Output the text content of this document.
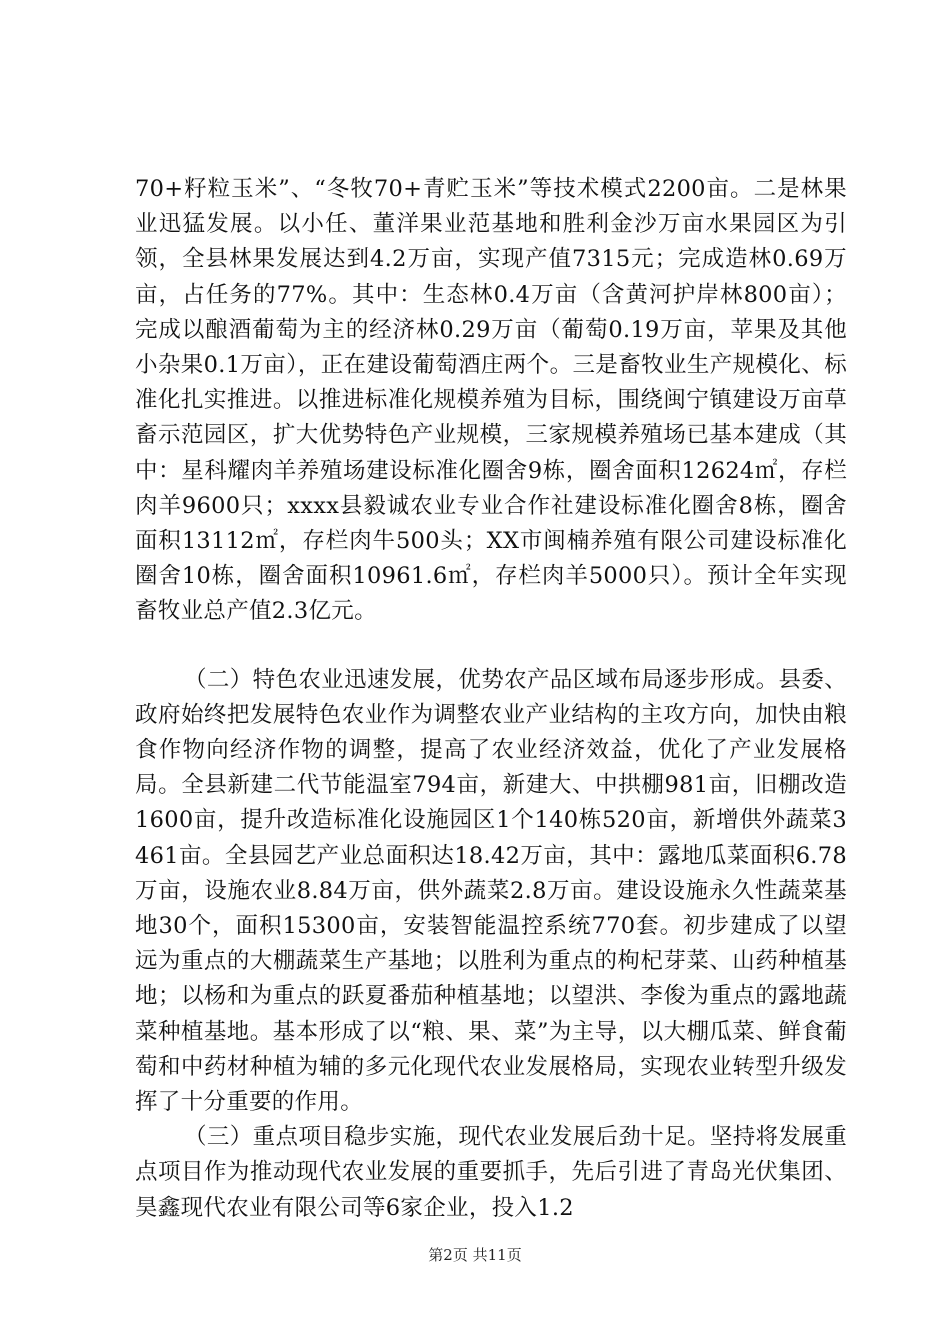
70+籽粒玉米”、“冬牧70+青贮玉米”等技术模式2200亩。二是林果业迅猛发展。以小任、董洋果业范基地和胜利金沙万亩水果园区为引领，全县林果发展达到4.2万亩，实现产值7315元；完成造林0.69万亩，占任务的77%。其中：生态林0.4万亩（含黄河护岸林800亩）；完成以酿酒葡萄为主的经济林0.29万亩（葡萄0.19万亩，苹果及其他小杂果0.1万亩），正在建设葡萄酒庄两个。三是畜牧业生产规模化、标准化扎实推进。以推进标准化规模养殖为目标，围绕闽宁镇建设万亩草畜示范园区，扩大优势特色产业规模，三家规模养殖场已基本建成（其中：星科耀肉羊养殖场建设标准化圈舍9栋，圈舍面积12624㎡，存栏肉羊9600只；xxxx县毅诚农业专业合作社建设标准化圈舍8栋，圈舍面积13112㎡，存栏肉牛500头；XX市闽楠养殖有限公司建设标准化圈舍10栋，圈舍面积10961.6㎡，存栏肉羊5000只）。预计全年实现畜牧业总产值2.3亿元。

（二）特色农业迅速发展，优势农产品区域布局逐步形成。县委、政府始终把发展特色农业作为调整农业产业结构的主攻方向，加快由粮食作物向经济作物的调整，提高了农业经济效益，优化了产业发展格局。全县新建二代节能温室794亩，新建大、中拱棚981亩，旧棚改造1600亩，提升改造标准化设施园区1个140栋520亩，新增供外蔬菜3461亩。全县园艺产业总面积达18.42万亩，其中：露地瓜菜面积6.78万亩，设施农业8.84万亩，供外蔬菜2.8万亩。建设设施永久性蔬菜基地30个，面积15300亩，安装智能温控系统770套。初步建成了以望远为重点的大棚蔬菜生产基地；以胜利为重点的枸杞芽菜、山药种植基地；以杨和为重点的跃夏番茄种植基地；以望洪、李俊为重点的露地蔬菜种植基地。基本形成了以“粮、果、菜”为主导，以大棚瓜菜、鲜食葡萄和中药材种植为辅的多元化现代农业发展格局，实现农业转型升级发挥了十分重要的作用。

（三）重点项目稳步实施，现代农业发展后劲十足。坚持将发展重点项目作为推动现代农业发展的重要抓手，先后引进了青岛光伏集团、昊鑫现代农业有限公司等6家企业，投入1.2

第2页 共11页
